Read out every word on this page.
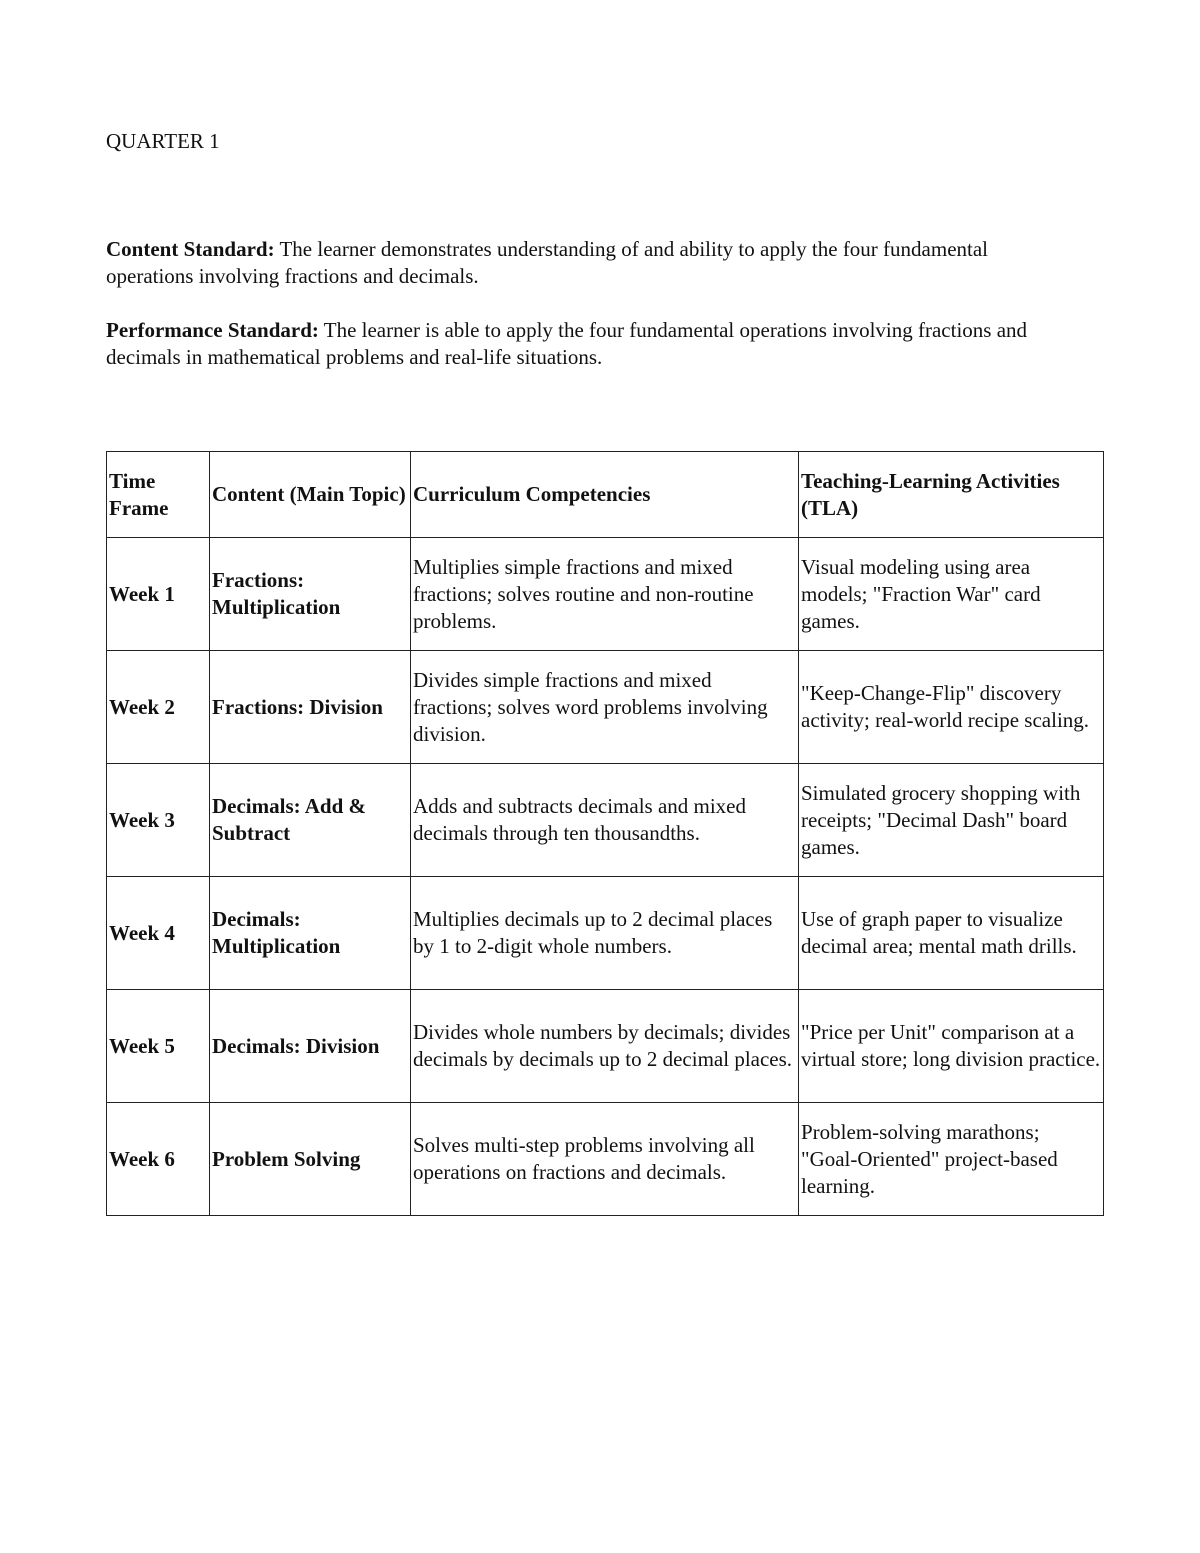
QUARTER 1

Content Standard: The learner demonstrates understanding of and ability to apply the four fundamental operations involving fractions and decimals.

Performance Standard: The learner is able to apply the four fundamental operations involving fractions and decimals in mathematical problems and real-life situations.

Time Frame	Content (Main Topic)	Curriculum Competencies	Teaching-Learning Activities (TLA)
Week 1	Fractions: Multiplication	Multiplies simple fractions and mixed fractions; solves routine and non-routine problems.	Visual modeling using area models; "Fraction War" card games.
Week 2	Fractions: Division	Divides simple fractions and mixed fractions; solves word problems involving division.	"Keep-Change-Flip" discovery activity; real-world recipe scaling.
Week 3	Decimals: Add & Subtract	Adds and subtracts decimals and mixed decimals through ten thousandths.	Simulated grocery shopping with receipts; "Decimal Dash" board games.
Week 4	Decimals: Multiplication	Multiplies decimals up to 2 decimal places by 1 to 2-digit whole numbers.	Use of graph paper to visualize decimal area; mental math drills.
Week 5	Decimals: Division	Divides whole numbers by decimals; divides decimals by decimals up to 2 decimal places.	"Price per Unit" comparison at a virtual store; long division practice.
Week 6	Problem Solving	Solves multi-step problems involving all operations on fractions and decimals.	Problem-solving marathons; "Goal-Oriented" project-based learning.
